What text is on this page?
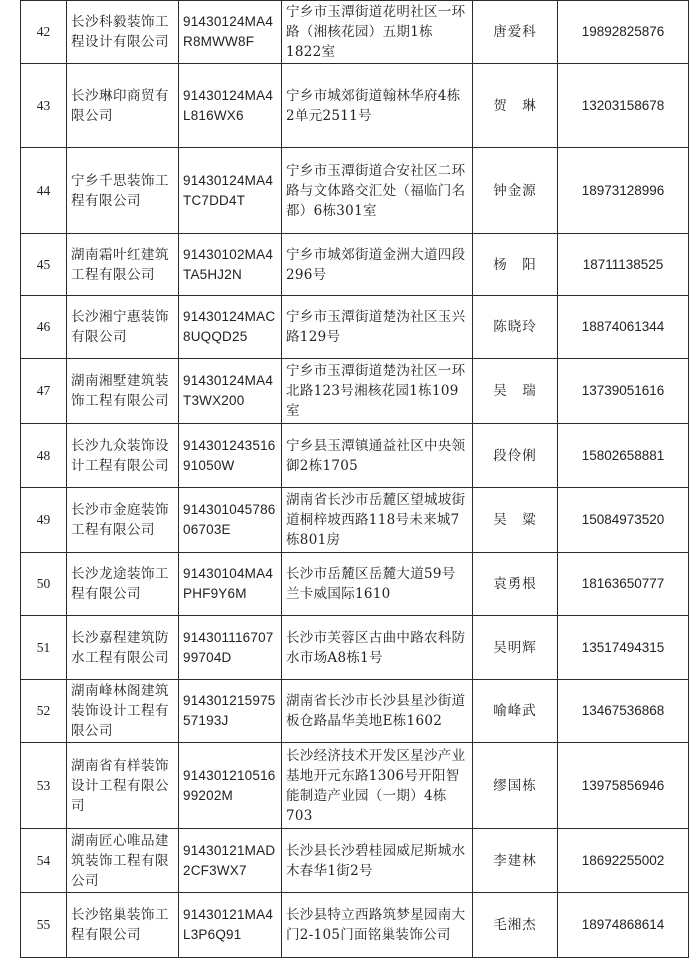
42	长沙科毅装饰工程设计有限公司	91430124MA4R8MWW8F	宁乡市玉潭街道花明社区一环路（湘核花园）五期1栋1822室	唐爱科	19892825876
43	长沙琳印商贸有限公司	91430124MA4L816WX6	宁乡市城郊街道翰林华府4栋2单元2511号	贺　琳	13203158678
44	宁乡千思装饰工程有限公司	91430124MA4TC7DD4T	宁乡市玉潭街道合安社区二环路与文体路交汇处（福临门名都）6栋301室	钟金源	18973128996
45	湖南霜叶红建筑工程有限公司	91430102MA4TA5HJ2N	宁乡市城郊街道金洲大道四段296号	杨　阳	18711138525
46	长沙湘宁惠装饰有限公司	91430124MAC8UQQD25	宁乡市玉潭街道楚沩社区玉兴路129号	陈晓玲	18874061344
47	湖南湘墅建筑装饰工程有限公司	91430124MA4T3WX200	宁乡市玉潭街道楚沩社区一环北路123号湘核花园1栋109室	吴　瑞	13739051616
48	长沙九众装饰设计工程有限公司	91430124351691050W	宁乡县玉潭镇通益社区中央领御2栋1705	段伶俐	15802658881
49	长沙市金庭装饰工程有限公司	91430104578606703E	湖南省长沙市岳麓区望城坡街道桐梓坡西路118号未来城7栋801房	吴　粱	15084973520
50	长沙龙途装饰工程有限公司	91430104MA4PHF9Y6M	长沙市岳麓区岳麓大道59号兰卡威国际1610	袁勇根	18163650777
51	长沙嘉程建筑防水工程有限公司	91430111670799704D	长沙市芙蓉区古曲中路农科防水市场A8栋1号	吴明辉	13517494315
52	湖南峰林阁建筑装饰设计工程有限公司	91430121597557193J	湖南省长沙市长沙县星沙街道板仓路晶华美地E栋1602	喻峰武	13467536868
53	湖南省有样装饰设计工程有限公司	91430121051699202M	长沙经济技术开发区星沙产业基地开元东路1306号开阳智能制造产业园（一期）4栋703	缪国栋	13975856946
54	湖南匠心唯品建筑装饰工程有限公司	91430121MAD2CF3WX7	长沙县长沙碧桂园威尼斯城水木春华1街2号	李建林	18692255002
55	长沙铭巢装饰工程有限公司	91430121MA4L3P6Q91	长沙县特立西路筑梦星园南大门2-105门面铭巢装饰公司	毛湘杰	18974868614
